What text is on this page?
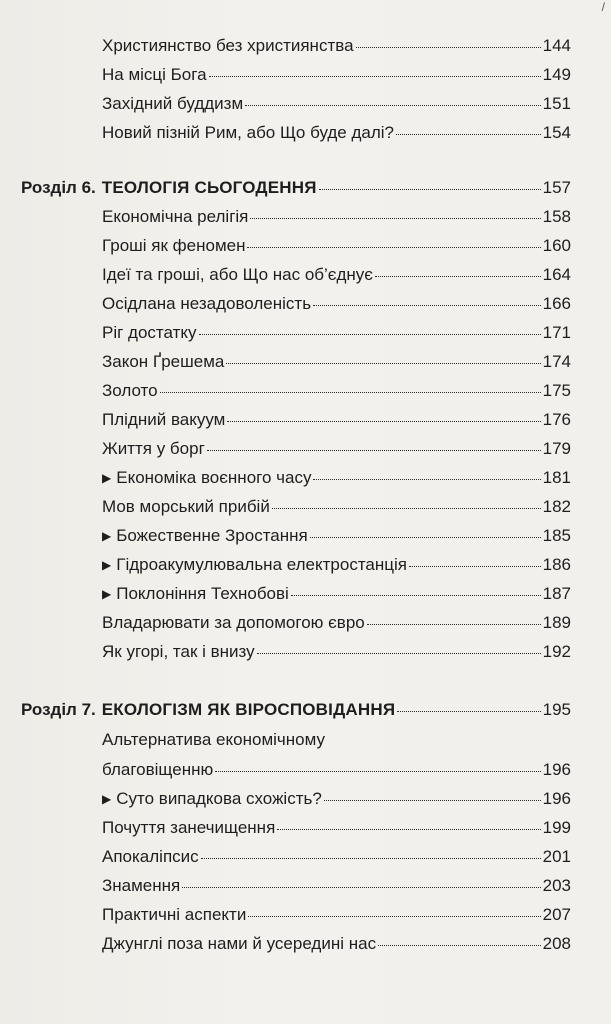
/
Християнство без християнства	144
На місці Бога	149
Західний буддизм	151
Новий пізній Рим, або Що буде далі?	154
Розділ 6. ТЕОЛОГІЯ СЬОГОДЕННЯ	157
Економічна релігія	158
Гроші як феномен	160
Ідеї та гроші, або Що нас об’єднує	164
Осідлана незадоволеність	166
Ріг достатку	171
Закон Ґрешема	174
Золото	175
Плідний вакуум	176
Життя у борг	179
▶ Економіка воєнного часу	181
Мов морський прибій	182
▶ Божественне Зростання	185
▶ Гідроакумулювальна електростанція	186
▶ Поклоніння Технобові	187
Владарювати за допомогою євро	189
Як угорі, так і внизу	192
Розділ 7. ЕКОЛОГІЗМ ЯК ВІРОСПОВІДАННЯ	195
Альтернатива економічному
благовіщенню	196
▶ Суто випадкова схожість?	196
Почуття занечищення	199
Апокаліпсис	201
Знамення	203
Практичні аспекти	207
Джунглі поза нами й усередині нас	208
